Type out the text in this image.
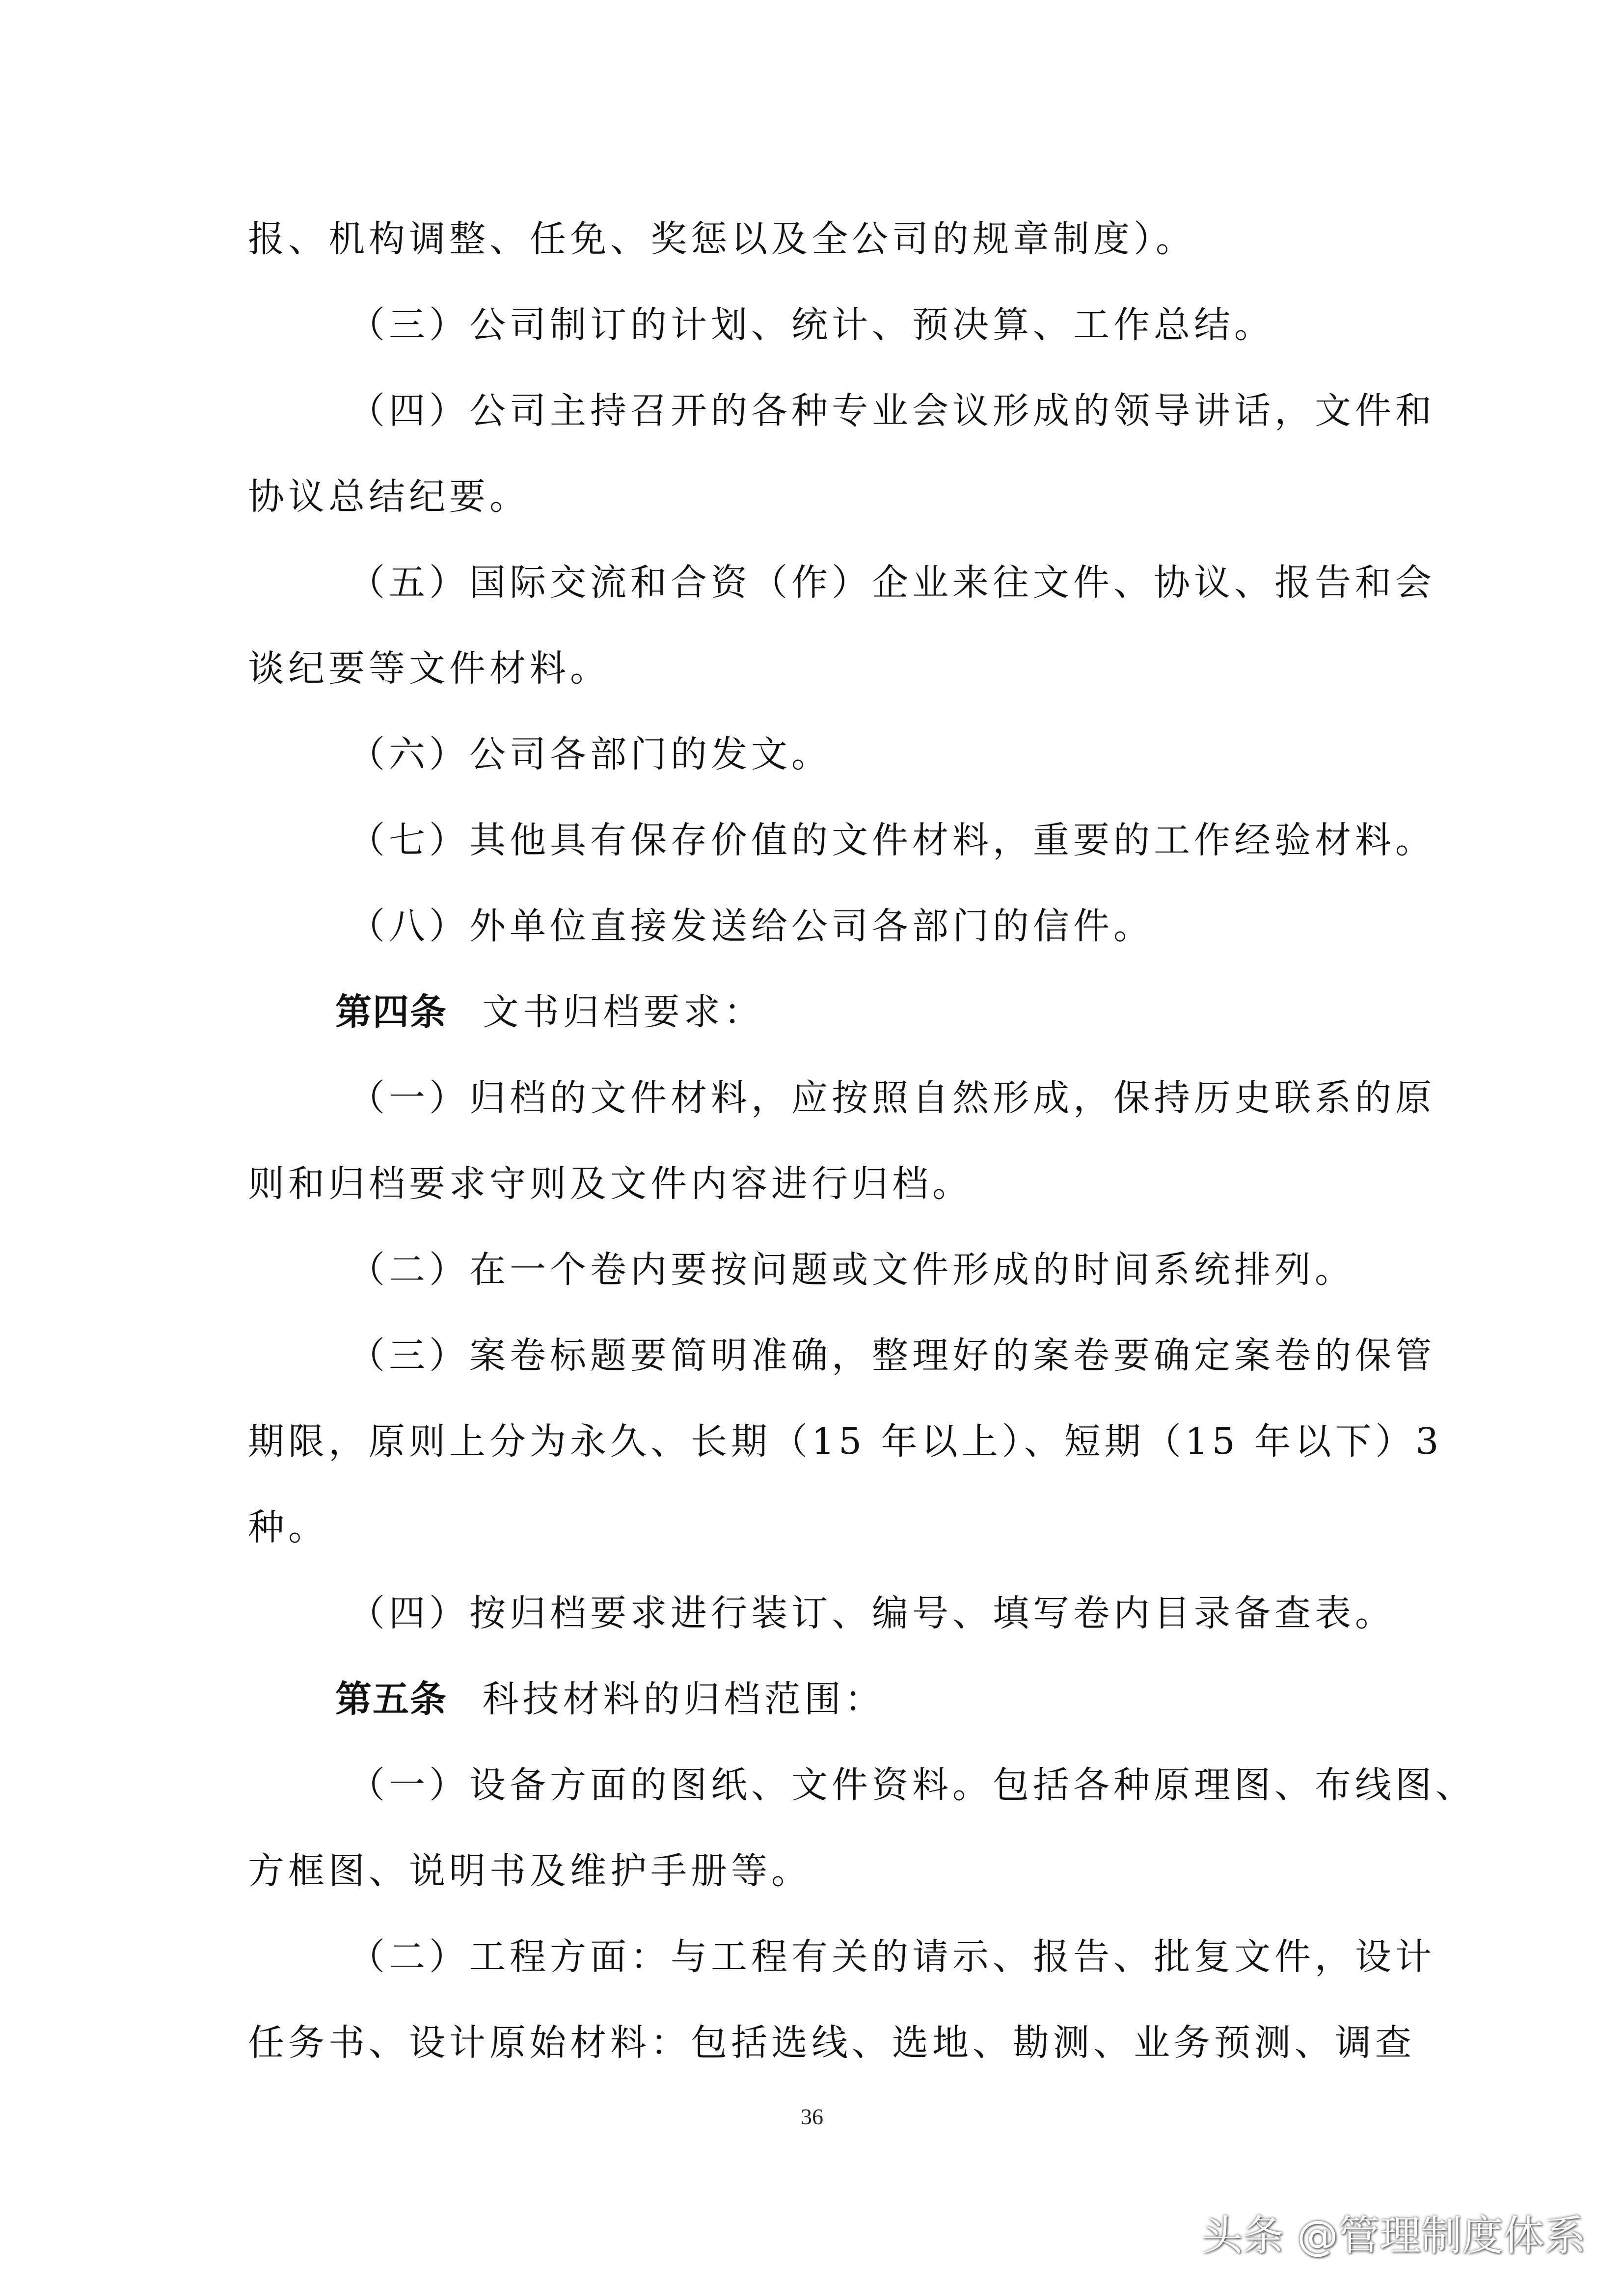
报、机构调整、任免、奖惩以及全公司的规章制度）。
（三）公司制订的计划、统计、预决算、工作总结。
（四）公司主持召开的各种专业会议形成的领导讲话，文件和
协议总结纪要。
（五）国际交流和合资（作）企业来往文件、协议、报告和会
谈纪要等文件材料。
（六）公司各部门的发文。
（七）其他具有保存价值的文件材料，重要的工作经验材料。
（八）外单位直接发送给公司各部门的信件。
第四条 文书归档要求：
（一）归档的文件材料，应按照自然形成，保持历史联系的原
则和归档要求守则及文件内容进行归档。
（二）在一个卷内要按问题或文件形成的时间系统排列。
（三）案卷标题要简明准确，整理好的案卷要确定案卷的保管
期限，原则上分为永久、长期（15 年以上）、短期（15 年以下）3
种。
（四）按归档要求进行装订、编号、填写卷内目录备查表。
第五条 科技材料的归档范围：
（一）设备方面的图纸、文件资料。包括各种原理图、布线图、
方框图、说明书及维护手册等。
（二）工程方面：与工程有关的请示、报告、批复文件，设计
任务书、设计原始材料：包括选线、选地、勘测、业务预测、调查
36
头条 @管理制度体系
